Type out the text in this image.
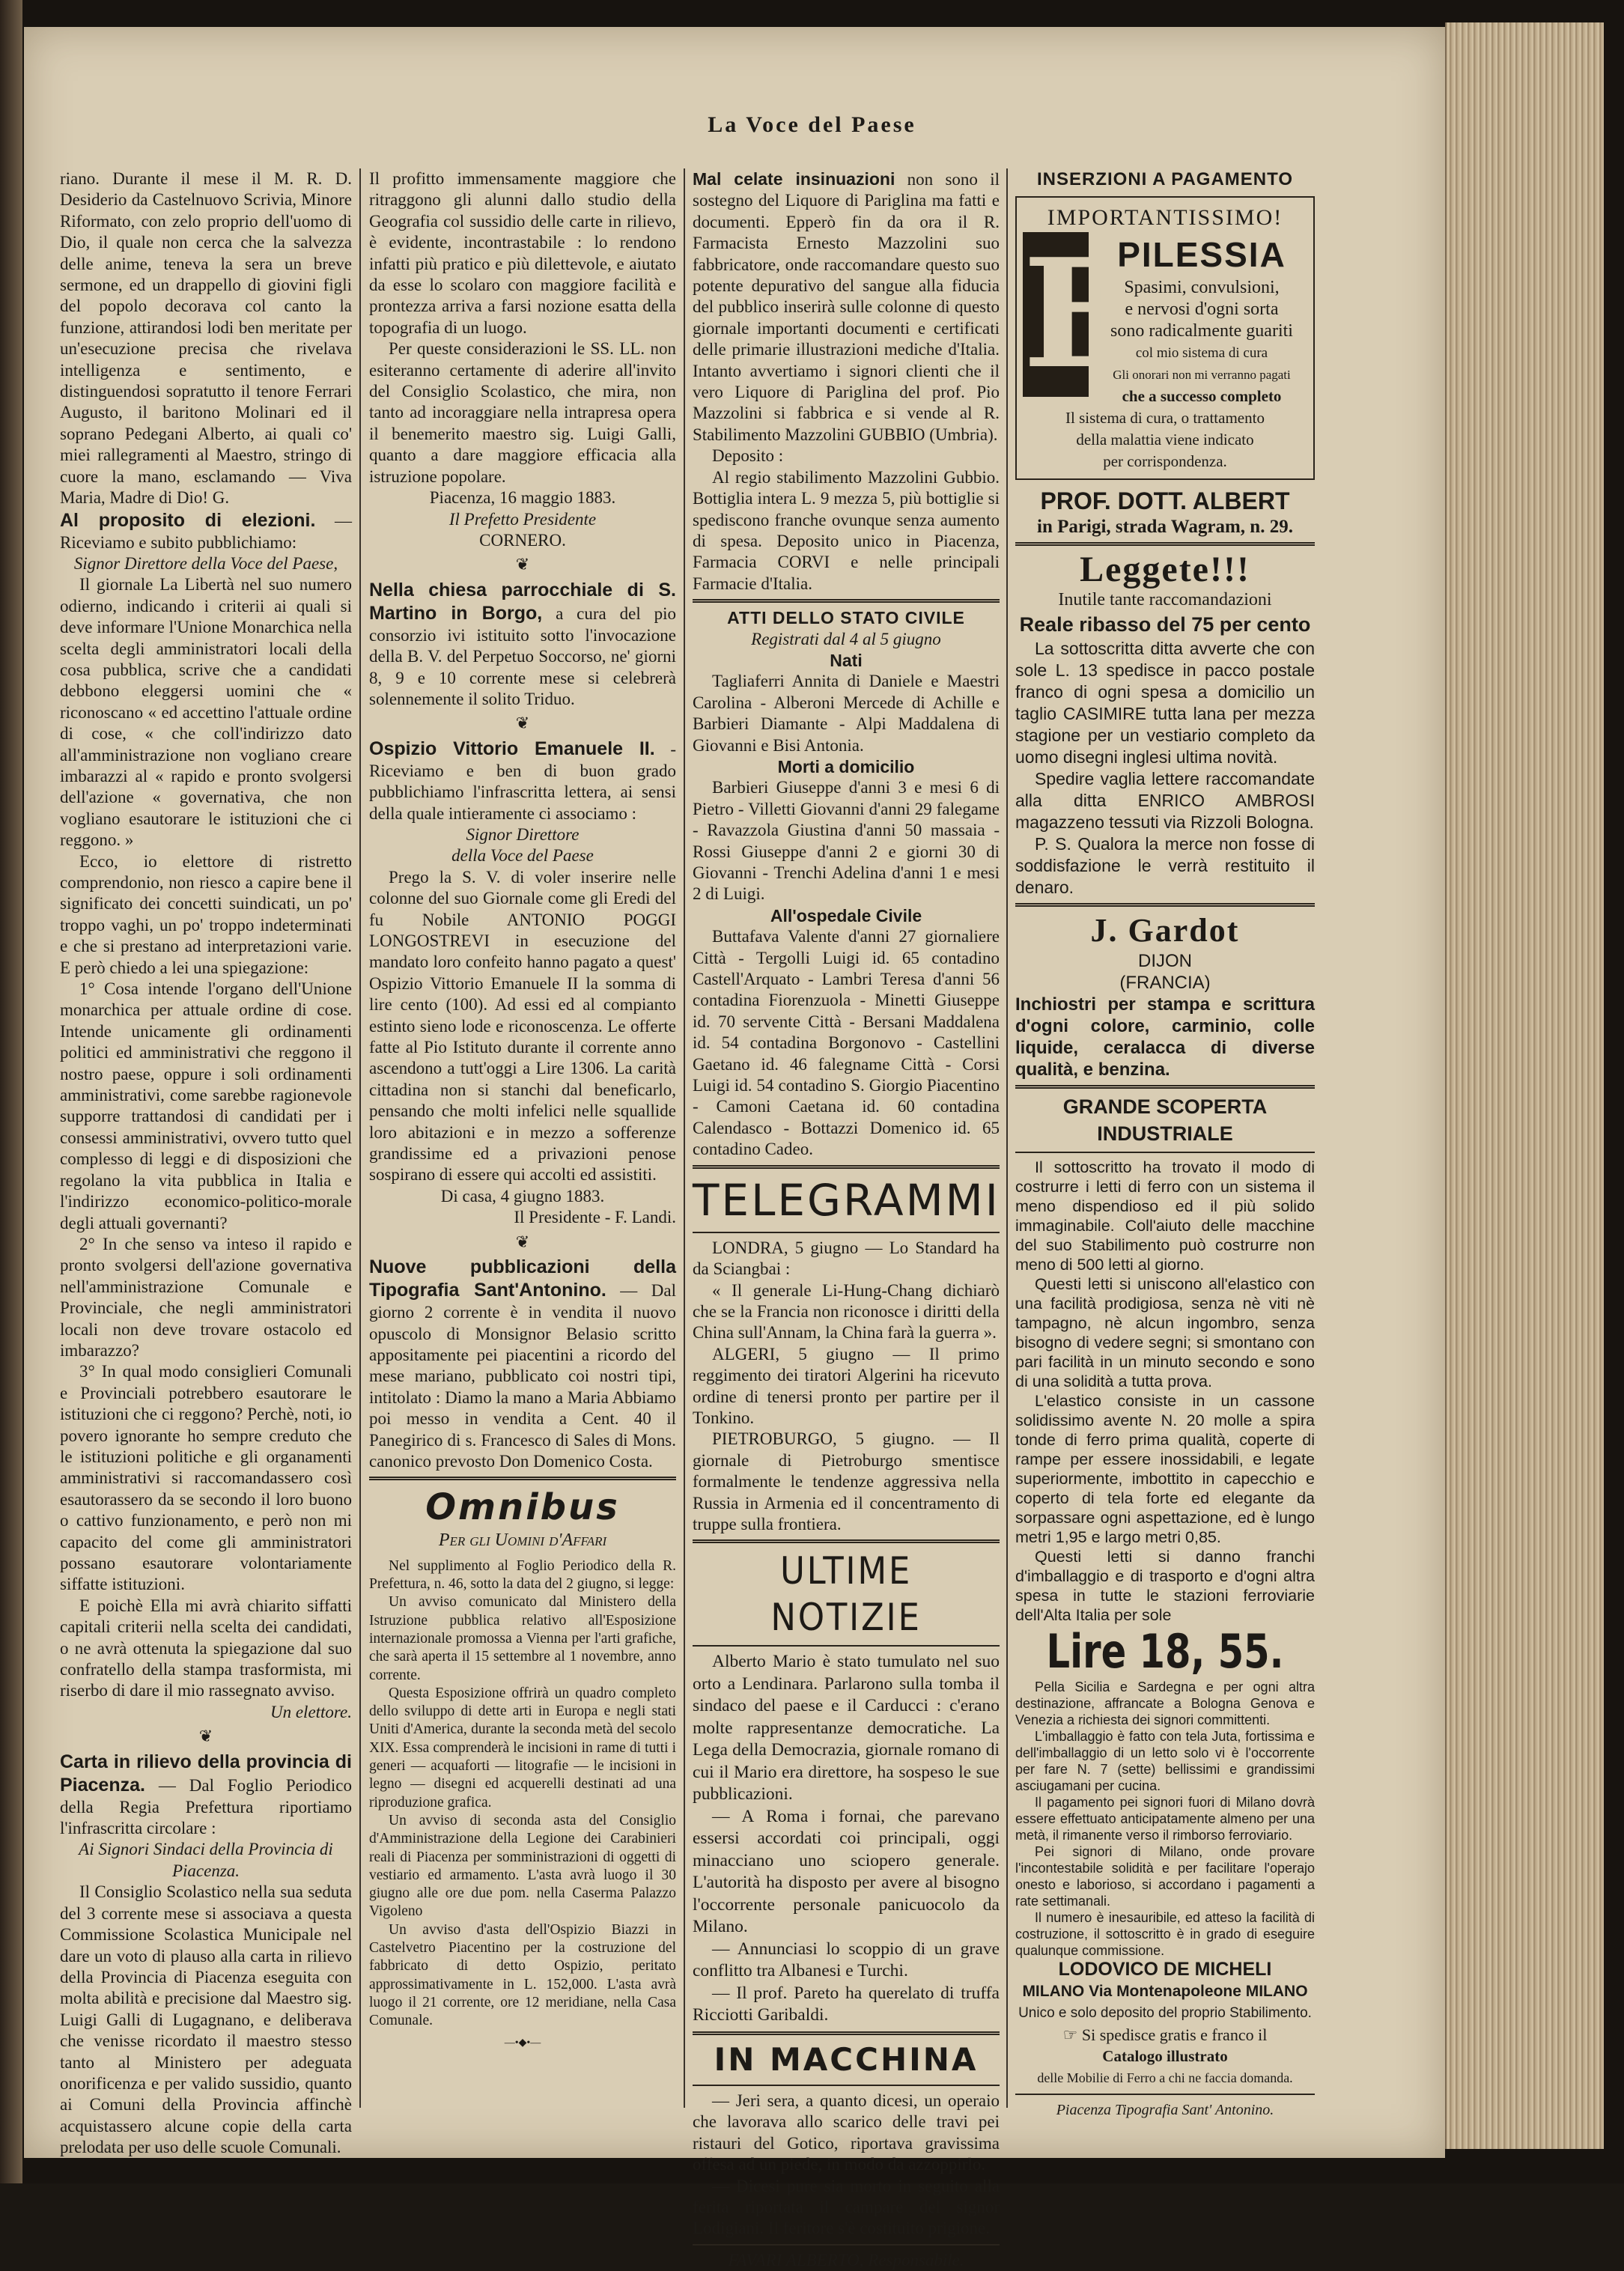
La Voce del Paese

riano. Durante il mese il M. R. D. Desiderio da Castelnuovo Scrivia, Minore Riformato, con zelo proprio dell'uomo di Dio, il quale non cerca che la salvezza delle anime, teneva la sera un breve sermone, ed un drappello di giovini figli del popolo decorava col canto la funzione, attirandosi lodi ben meritate per un'esecuzione precisa che rivelava intelligenza e sentimento, e distinguendosi sopratutto il tenore Ferrari Augusto, il baritono Molinari ed il soprano Pedegani Alberto, ai quali co' miei rallegramenti al Maestro, stringo di cuore la mano, esclamando — Viva Maria, Madre di Dio! G.

Al proposito di elezioni. — Riceviamo e subito pubblichiamo:

Signor Direttore della Voce del Paese,

Il giornale La Libertà nel suo numero odierno, indicando i criterii ai quali si deve informare l'Unione Monarchica nella scelta degli amministratori locali della cosa pubblica, scrive che a candidati debbono eleggersi uomini che « riconoscano « ed accettino l'attuale ordine di cose, « che coll'indirizzo dato all'amministrazione non vogliano creare imbarazzi al « rapido e pronto svolgersi dell'azione « governativa, che non vogliano esautorare le istituzioni che ci reggono. »

Ecco, io elettore di ristretto comprendonio, non riesco a capire bene il significato dei concetti suindicati, un po' troppo vaghi, un po' troppo indeterminati e che si prestano ad interpretazioni varie. E però chiedo a lei una spiegazione:

1° Cosa intende l'organo dell'Unione monarchica per attuale ordine di cose. Intende unicamente gli ordinamenti politici ed amministrativi che reggono il nostro paese, oppure i soli ordinamenti amministrativi, come sarebbe ragionevole supporre trattandosi di candidati per i consessi amministrativi, ovvero tutto quel complesso di leggi e di disposizioni che regolano la vita pubblica in Italia e l'indirizzo economico-politico-morale degli attuali governanti?

2° In che senso va inteso il rapido e pronto svolgersi dell'azione governativa nell'amministrazione Comunale e Provinciale, che negli amministratori locali non deve trovare ostacolo ed imbarazzo?

3° In qual modo consiglieri Comunali e Provinciali potrebbero esautorare le istituzioni che ci reggono? Perchè, noti, io povero ignorante ho sempre creduto che le istituzioni politiche e gli organamenti amministrativi si raccomandassero così esautorassero da se secondo il loro buono o cattivo funzionamento, e però non mi capacito del come gli amministratori possano esautorare volontariamente siffatte istituzioni.

E poichè Ella mi avrà chiarito siffatti capitali criterii nella scelta dei candidati, o ne avrà ottenuta la spiegazione dal suo confratello della stampa trasformista, mi riserbo di dare il mio rassegnato avviso.

Un elettore.

❦

Carta in rilievo della provincia di Piacenza. — Dal Foglio Periodico della Regia Prefettura riportiamo l'infrascritta circolare :

Ai Signori Sindaci della Provincia di Piacenza.

Il Consiglio Scolastico nella sua seduta del 3 corrente mese si associava a questa Commissione Scolastica Municipale nel dare un voto di plauso alla carta in rilievo della Provincia di Piacenza eseguita con molta abilità e precisione dal Maestro sig. Luigi Galli di Lugagnano, e deliberava che venisse ricordato il maestro stesso tanto al Ministero per adeguata onorificenza e per valido sussidio, quanto ai Comuni della Provincia affinchè acquistassero alcune copie della carta prelodata per uso delle scuole Comunali.

Il profitto immensamente maggiore che ritraggono gli alunni dallo studio della Geografia col sussidio delle carte in rilievo, è evidente, incontrastabile : lo rendono infatti più pratico e più dilettevole, e aiutato da esse lo scolaro con maggiore facilità e prontezza arriva a farsi nozione esatta della topografia di un luogo.

Per queste considerazioni le SS. LL. non esiteranno certamente di aderire all'invito del Consiglio Scolastico, che mira, non tanto ad incoraggiare nella intrapresa opera il benemerito maestro sig. Luigi Galli, quanto a dare maggiore efficacia alla istruzione popolare.

Piacenza, 16 maggio 1883.

Il Prefetto Presidente

CORNERO.

❦

Nella chiesa parrocchiale di S. Martino in Borgo, a cura del pio consorzio ivi istituito sotto l'invocazione della B. V. del Perpetuo Soccorso, ne' giorni 8, 9 e 10 corrente mese si celebrerà solennemente il solito Triduo.

❦

Ospizio Vittorio Emanuele II. - Riceviamo e ben di buon grado pubblichiamo l'infrascritta lettera, ai sensi della quale intieramente ci associamo :

Signor Direttore

della Voce del Paese

Prego la S. V. di voler inserire nelle colonne del suo Giornale come gli Eredi del fu Nobile ANTONIO POGGI LONGOSTREVI in esecuzione del mandato loro confeito hanno pagato a quest' Ospizio Vittorio Emanuele II la somma di lire cento (100). Ad essi ed al compianto estinto sieno lode e riconoscenza. Le offerte fatte al Pio Istituto durante il corrente anno ascendono a tutt'oggi a Lire 1306. La carità cittadina non si stanchi dal beneficarlo, pensando che molti infelici nelle squallide loro abitazioni e in mezzo a sofferenze grandissime ed a privazioni penose sospirano di essere qui accolti ed assistiti.

Di casa, 4 giugno 1883.

Il Presidente - F. Landi.

❦

Nuove pubblicazioni della Tipografia Sant'Antonino. — Dal giorno 2 corrente è in vendita il nuovo opuscolo di Monsignor Belasio scritto appositamente pei piacentini a ricordo del mese mariano, pubblicato coi nostri tipi, intitolato : Diamo la mano a Maria Abbiamo poi messo in vendita a Cent. 40 il Panegirico di s. Francesco di Sales di Mons. canonico prevosto Don Domenico Costa.

Omnibus
Per gli Uomini d'Affari

Nel supplimento al Foglio Periodico della R. Prefettura, n. 46, sotto la data del 2 giugno, si legge:

Un avviso comunicato dal Ministero della Istruzione pubblica relativo all'Esposizione internazionale promossa a Vienna per l'arti grafiche, che sarà aperta il 15 settembre al 1 novembre, anno corrente.

Questa Esposizione offrirà un quadro completo dello sviluppo di dette arti in Europa e negli stati Uniti d'America, durante la seconda metà del secolo XIX. Essa comprenderà le incisioni in rame di tutti i generi — acquaforti — litografie — le incisioni in legno — disegni ed acquerelli destinati ad una riproduzione grafica.

Un avviso di seconda asta del Consiglio d'Amministrazione della Legione dei Carabinieri reali di Piacenza per somministrazioni di oggetti di vestiario ed armamento. L'asta avrà luogo il 30 giugno alle ore due pom. nella Caserma Palazzo Vigoleno

Un avviso d'asta dell'Ospizio Biazzi in Castelvetro Piacentino per la costruzione del fabbricato di detto Ospizio, peritato approssimativamente in L. 152,000. L'asta avrà luogo il 21 corrente, ore 12 meridiane, nella Casa Comunale.

—•◆•—

Mal celate insinuazioni non sono il sostegno del Liquore di Pariglina ma fatti e documenti. Epperò fin da ora il R. Farmacista Ernesto Mazzolini suo fabbricatore, onde raccomandare questo suo potente depurativo del sangue alla fiducia del pubblico inserirà sulle colonne di questo giornale importanti documenti e certificati delle primarie illustrazioni mediche d'Italia. Intanto avvertiamo i signori clienti che il vero Liquore di Pariglina del prof. Pio Mazzolini si fabbrica e si vende al R. Stabilimento Mazzolini GUBBIO (Umbria).

Deposito :

Al regio stabilimento Mazzolini Gubbio. Bottiglia intera L. 9 mezza 5, più bottiglie si spediscono franche ovunque senza aumento di spesa. Deposito unico in Piacenza, Farmacia CORVI e nelle principali Farmacie d'Italia.

ATTI DELLO STATO CIVILE

Registrati dal 4 al 5 giugno

Nati

Tagliaferri Annita di Daniele e Maestri Carolina - Alberoni Mercede di Achille e Barbieri Diamante - Alpi Maddalena di Giovanni e Bisi Antonia.

Morti a domicilio

Barbieri Giuseppe d'anni 3 e mesi 6 di Pietro - Villetti Giovanni d'anni 29 falegame - Ravazzola Giustina d'anni 50 massaia - Rossi Giuseppe d'anni 2 e giorni 30 di Giovanni - Trenchi Adelina d'anni 1 e mesi 2 di Luigi.

All'ospedale Civile

Buttafava Valente d'anni 27 giornaliere Città - Tergolli Luigi id. 65 contadino Castell'Arquato - Lambri Teresa d'anni 56 contadina Fiorenzuola - Minetti Giuseppe id. 70 servente Città - Bersani Maddalena id. 54 contadina Borgonovo - Castellini Gaetano id. 46 falegname Città - Corsi Luigi id. 54 contadino S. Giorgio Piacentino - Camoni Caetana id. 60 contadina Calendasco - Bottazzi Domenico id. 65 contadino Cadeo.

TELEGRAMMI

LONDRA, 5 giugno — Lo Standard ha da Sciangbai :

« Il generale Li-Hung-Chang dichiarò che se la Francia non riconosce i diritti della China sull'Annam, la China farà la guerra ».

ALGERI, 5 giugno — Il primo reggimento dei tiratori Algerini ha ricevuto ordine di tenersi pronto per partire per il Tonkino.

PIETROBURGO, 5 giugno. — Il giornale di Pietroburgo smentisce formalmente le tendenze aggressiva nella Russia in Armenia ed il concentramento di truppe sulla frontiera.

ULTIME NOTIZIE

Alberto Mario è stato tumulato nel suo orto a Lendinara. Parlarono sulla tomba il sindaco del paese e il Carducci : c'erano molte rappresentanze democratiche. La Lega della Democrazia, giornale romano di cui il Mario era direttore, ha sospeso le sue pubblicazioni.

— A Roma i fornai, che parevano essersi accordati coi principali, oggi minacciano uno sciopero generale. L'autorità ha disposto per avere al bisogno l'occorrente personale panicuocolo da Milano.

— Annunciasi lo scoppio di un grave conflitto tra Albanesi e Turchi.

— Il prof. Pareto ha querelato di truffa Ricciotti Garibaldi.

IN MACCHINA

— Jeri sera, a quanto dicesi, un operaio che lavorava allo scarico delle travi pei ristauri del Gotico, riportava gravissima offesa ad un piede, in modo da azzoppirlo.

— Dicesi pure sia morto in seguito alla ferita riportata il campare del signor Lodigiani. Il feritore s'è costituito prigione.

FAVARI ALBERTO, Responsabile.

INSERZIONI A PAGAMENTO

IMPORTANTISSIMO!

E

PILESSIA

Spasimi, convulsioni,

e nervosi d'ogni sorta

sono radicalmente guariti

col mio sistema di cura

Gli onorari non mi verranno pagati

che a successo completo

Il sistema di cura, o trattamento

della malattia viene indicato

per corrispondenza.

PROF. DOTT. ALBERT

in Parigi, strada Wagram, n. 29.

Leggete!!!

Inutile tante raccomandazioni

Reale ribasso del 75 per cento

La sottoscritta ditta avverte che con sole L. 13 spedisce in pacco postale franco di ogni spesa a domicilio un taglio CASIMIRE tutta lana per mezza stagione per un vestiario completo da uomo disegni inglesi ultima novità.

Spedire vaglia lettere raccomandate alla ditta ENRICO AMBROSI magazzeno tessuti via Rizzoli Bologna.

P. S. Qualora la merce non fosse di soddisfazione le verrà restituito il denaro.

J. Gardot

DIJON

(FRANCIA)

Inchiostri per stampa e scrittura d'ogni colore, carminio, colle liquide, ceralacca di diverse qualità, e benzina.

GRANDE SCOPERTA INDUSTRIALE

Il sottoscritto ha trovato il modo di costrurre i letti di ferro con un sistema il meno dispendioso ed il più solido immaginabile. Coll'aiuto delle macchine del suo Stabilimento può costrurre non meno di 500 letti al giorno.

Questi letti si uniscono all'elastico con una facilità prodigiosa, senza nè viti nè tampagno, nè alcun ingombro, senza bisogno di vedere segni; si smontano con pari facilità in un minuto secondo e sono di una solidità a tutta prova.

L'elastico consiste in un cassone solidissimo avente N. 20 molle a spira tonde di ferro prima qualità, coperte di rampe per essere inossidabili, e legate superiormente, imbottito in capecchio e coperto di tela forte ed elegante da sorpassare ogni aspettazione, ed è lungo metri 1,95 e largo metri 0,85.

Questi letti si danno franchi d'imballaggio e di trasporto e d'ogni altra spesa in tutte le stazioni ferroviarie dell'Alta Italia per sole

Lire 18, 55.

Pella Sicilia e Sardegna e per ogni altra destinazione, affrancate a Bologna Genova e Venezia a richiesta dei signori committenti.

L'imballaggio è fatto con tela Juta, fortissima e dell'imballaggio di un letto solo vi è l'occorrente per fare N. 7 (sette) bellissimi e grandissimi asciugamani per cucina.

Il pagamento pei signori fuori di Milano dovrà essere effettuato anticipatamente almeno per una metà, il rimanente verso il rimborso ferroviario.

Pei signori di Milano, onde provare l'incontestabile solidità e per facilitare l'operajo onesto e laborioso, si accordano i pagamenti a rate settimanali.

Il numero è inesauribile, ed atteso la facilità di costruzione, il sottoscritto è in grado di eseguire qualunque commissione.

LODOVICO DE MICHELI

MILANO Via Montenapoleone MILANO

Unico e solo deposito del proprio Stabilimento.

☞ Si spedisce gratis e franco il

Catalogo illustrato

delle Mobilie di Ferro a chi ne faccia domanda.

Piacenza Tipografia Sant' Antonino.
